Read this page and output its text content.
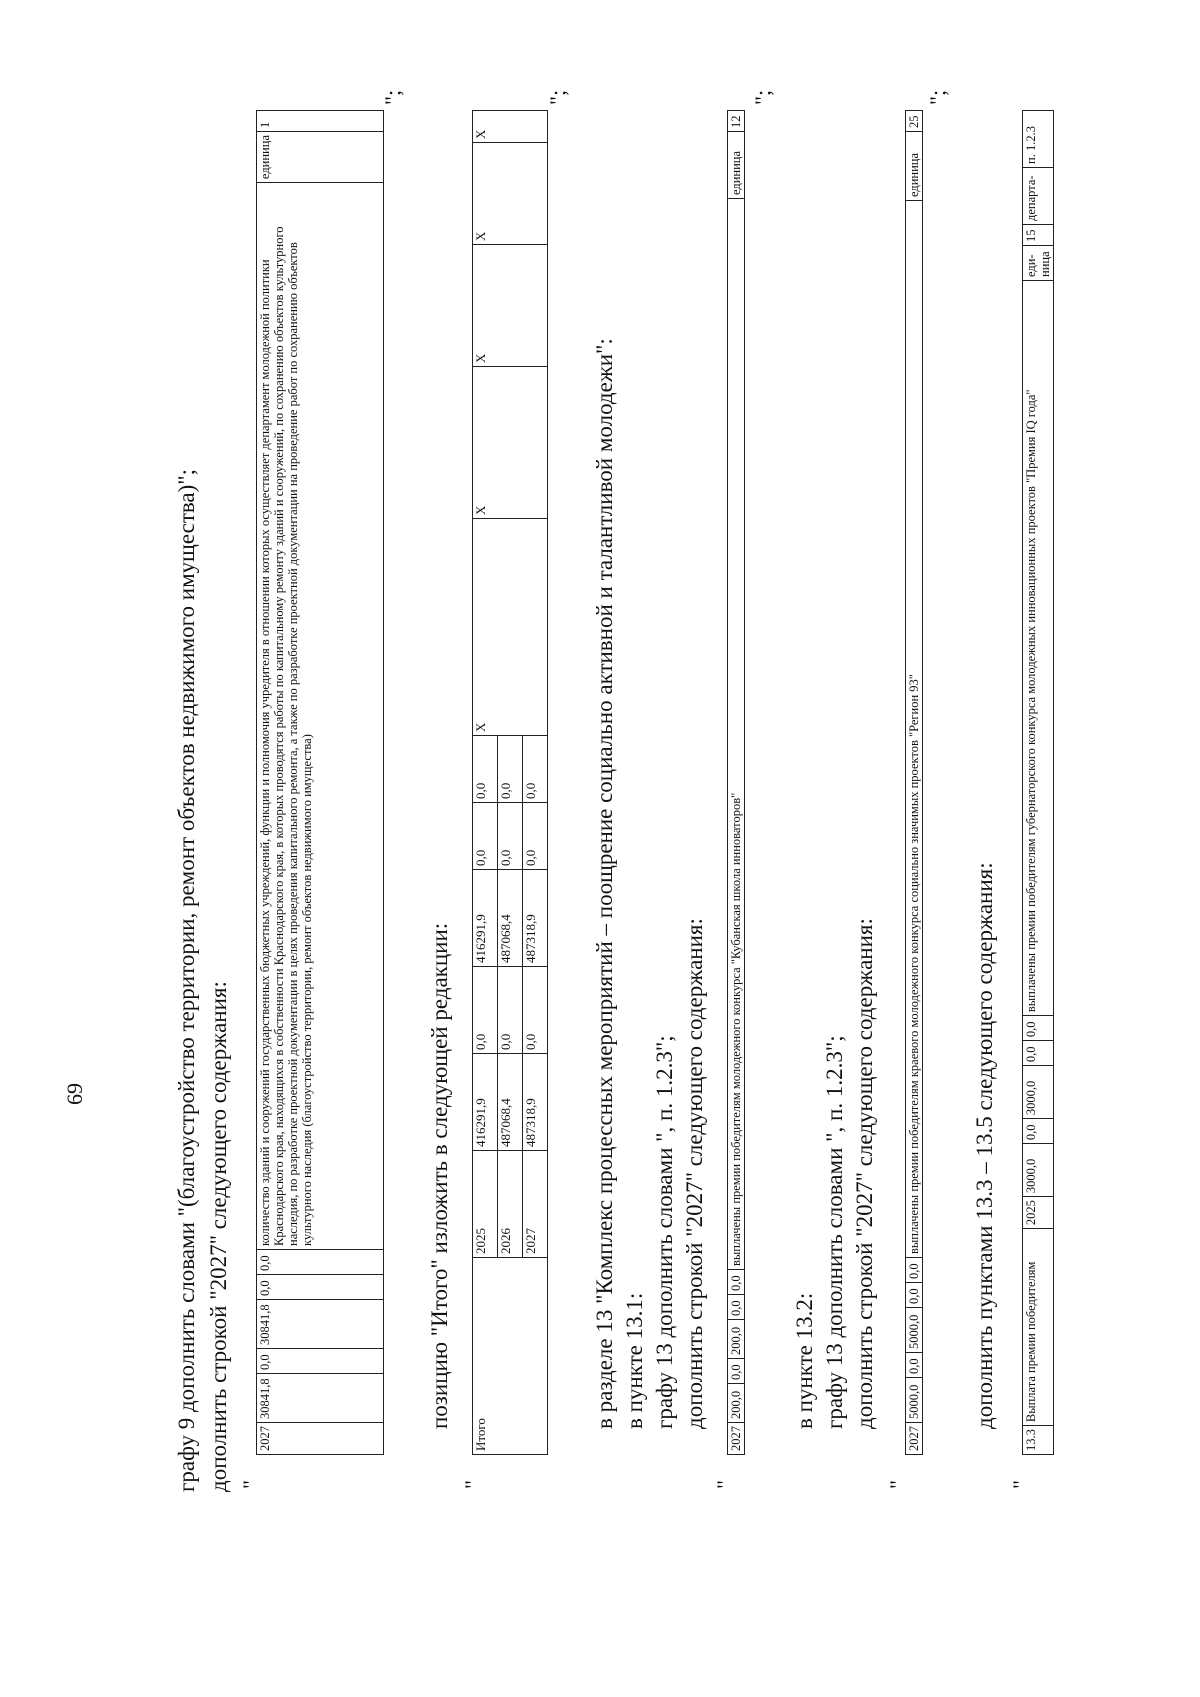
69	графу 9 дополнить словами "(благоустройство территории, ремонт объектов недвижимого имущества)"; дополнить строкой "2027" следующего содержания: "
2027	30841,8	0,0	30841,8	0,0	0,0	количество зданий и сооружений государственных бюджетных учреждений, функции и полномочия учредителя в отношении которых осуществляет департамент молодежной политики Краснодарского края, находящихся в собственности Краснодарского края, в которых проводятся работы по капитальному ремонту зданий и сооружений, по сохранению объектов культурного наследия, по разработке проектной документации в целях проведения капитального ремонта, а также по разработке проектной документации на проведение работ по сохранению объектов культурного наследия (благоустройство территории, ремонт объектов недвижимого имущества)	единица	1
";
позицию "Итого" изложить в следующей редакции:
"
Итого	2025	416291,9	0,0	416291,9	0,0	0,0	X	X	X	X	X
	2026	487068,4	0,0	487068,4	0,0	0,0					
	2027	487318,9	0,0	487318,9	0,0	0,0					
";
в разделе 13 "Комплекс процессных мероприятий – поощрение социально активной и талантливой молодежи": в пункте 13.1: графу 13 дополнить словами ", п. 1.2.3"; дополнить строкой "2027" следующего содержания:
"
2027	200,0	0,0	200,0	0,0	0,0	выплачены премии победителям молодежного конкурса "Кубанская школа инноваторов"	единица	12
";
в пункте 13.2: графу 13 дополнить словами ", п. 1.2.3"; дополнить строкой "2027" следующего содержания:
"
2027	5000,0	0,0	5000,0	0,0	0,0	выплачены премии победителям краевого молодежного конкурса социально значимых проектов "Регион 93"	единица	25
";
дополнить пунктами 13.3 – 13.5 следующего содержания:
"
13.3	Выплата премии победителям	2025	3000,0	0,0	3000,0	0,0	0,0	выплачены премии победителям губернаторского конкурса молодежных инновационных проектов "Премия IQ года"	еди-ница	15	департа-	п. 1.2.3
